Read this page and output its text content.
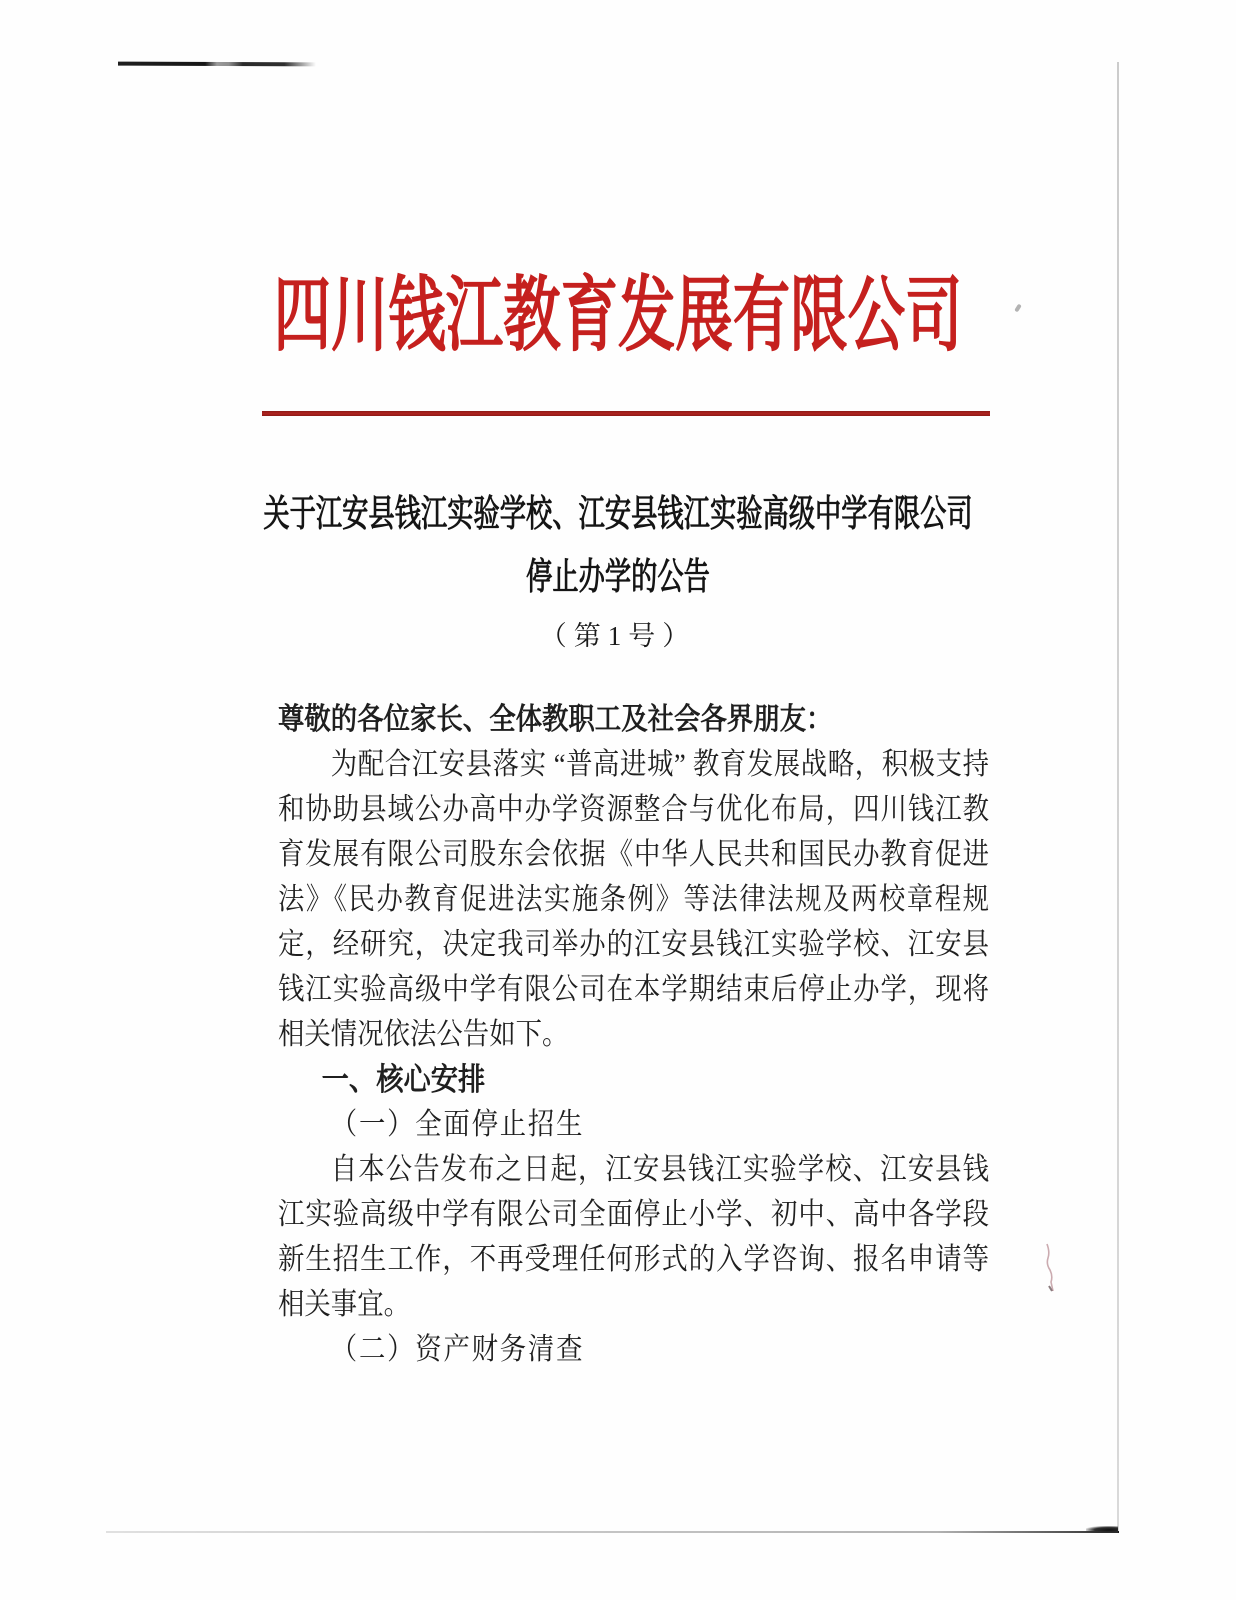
四川钱江教育发展有限公司
关于江安县钱江实验学校、江安县钱江实验高级中学有限公司
停止办学的公告
（第1号）

尊敬的各位家长、全体教职工及社会各界朋友：

为配合江安县落实 “普高进城” 教育发展战略，积极支持和协助县域公办高中办学资源整合与优化布局，四川钱江教育发展有限公司股东会依据《中华人民共和国民办教育促进法》《民办教育促进法实施条例》等法律法规及两校章程规定，经研究，决定我司举办的江安县钱江实验学校、江安县钱江实验高级中学有限公司在本学期结束后停止办学，现将相关情况依法公告如下。

一、核心安排

（一）全面停止招生

自本公告发布之日起，江安县钱江实验学校、江安县钱江实验高级中学有限公司全面停止小学、初中、高中各学段新生招生工作，不再受理任何形式的入学咨询、报名申请等相关事宜。

（二）资产财务清查
